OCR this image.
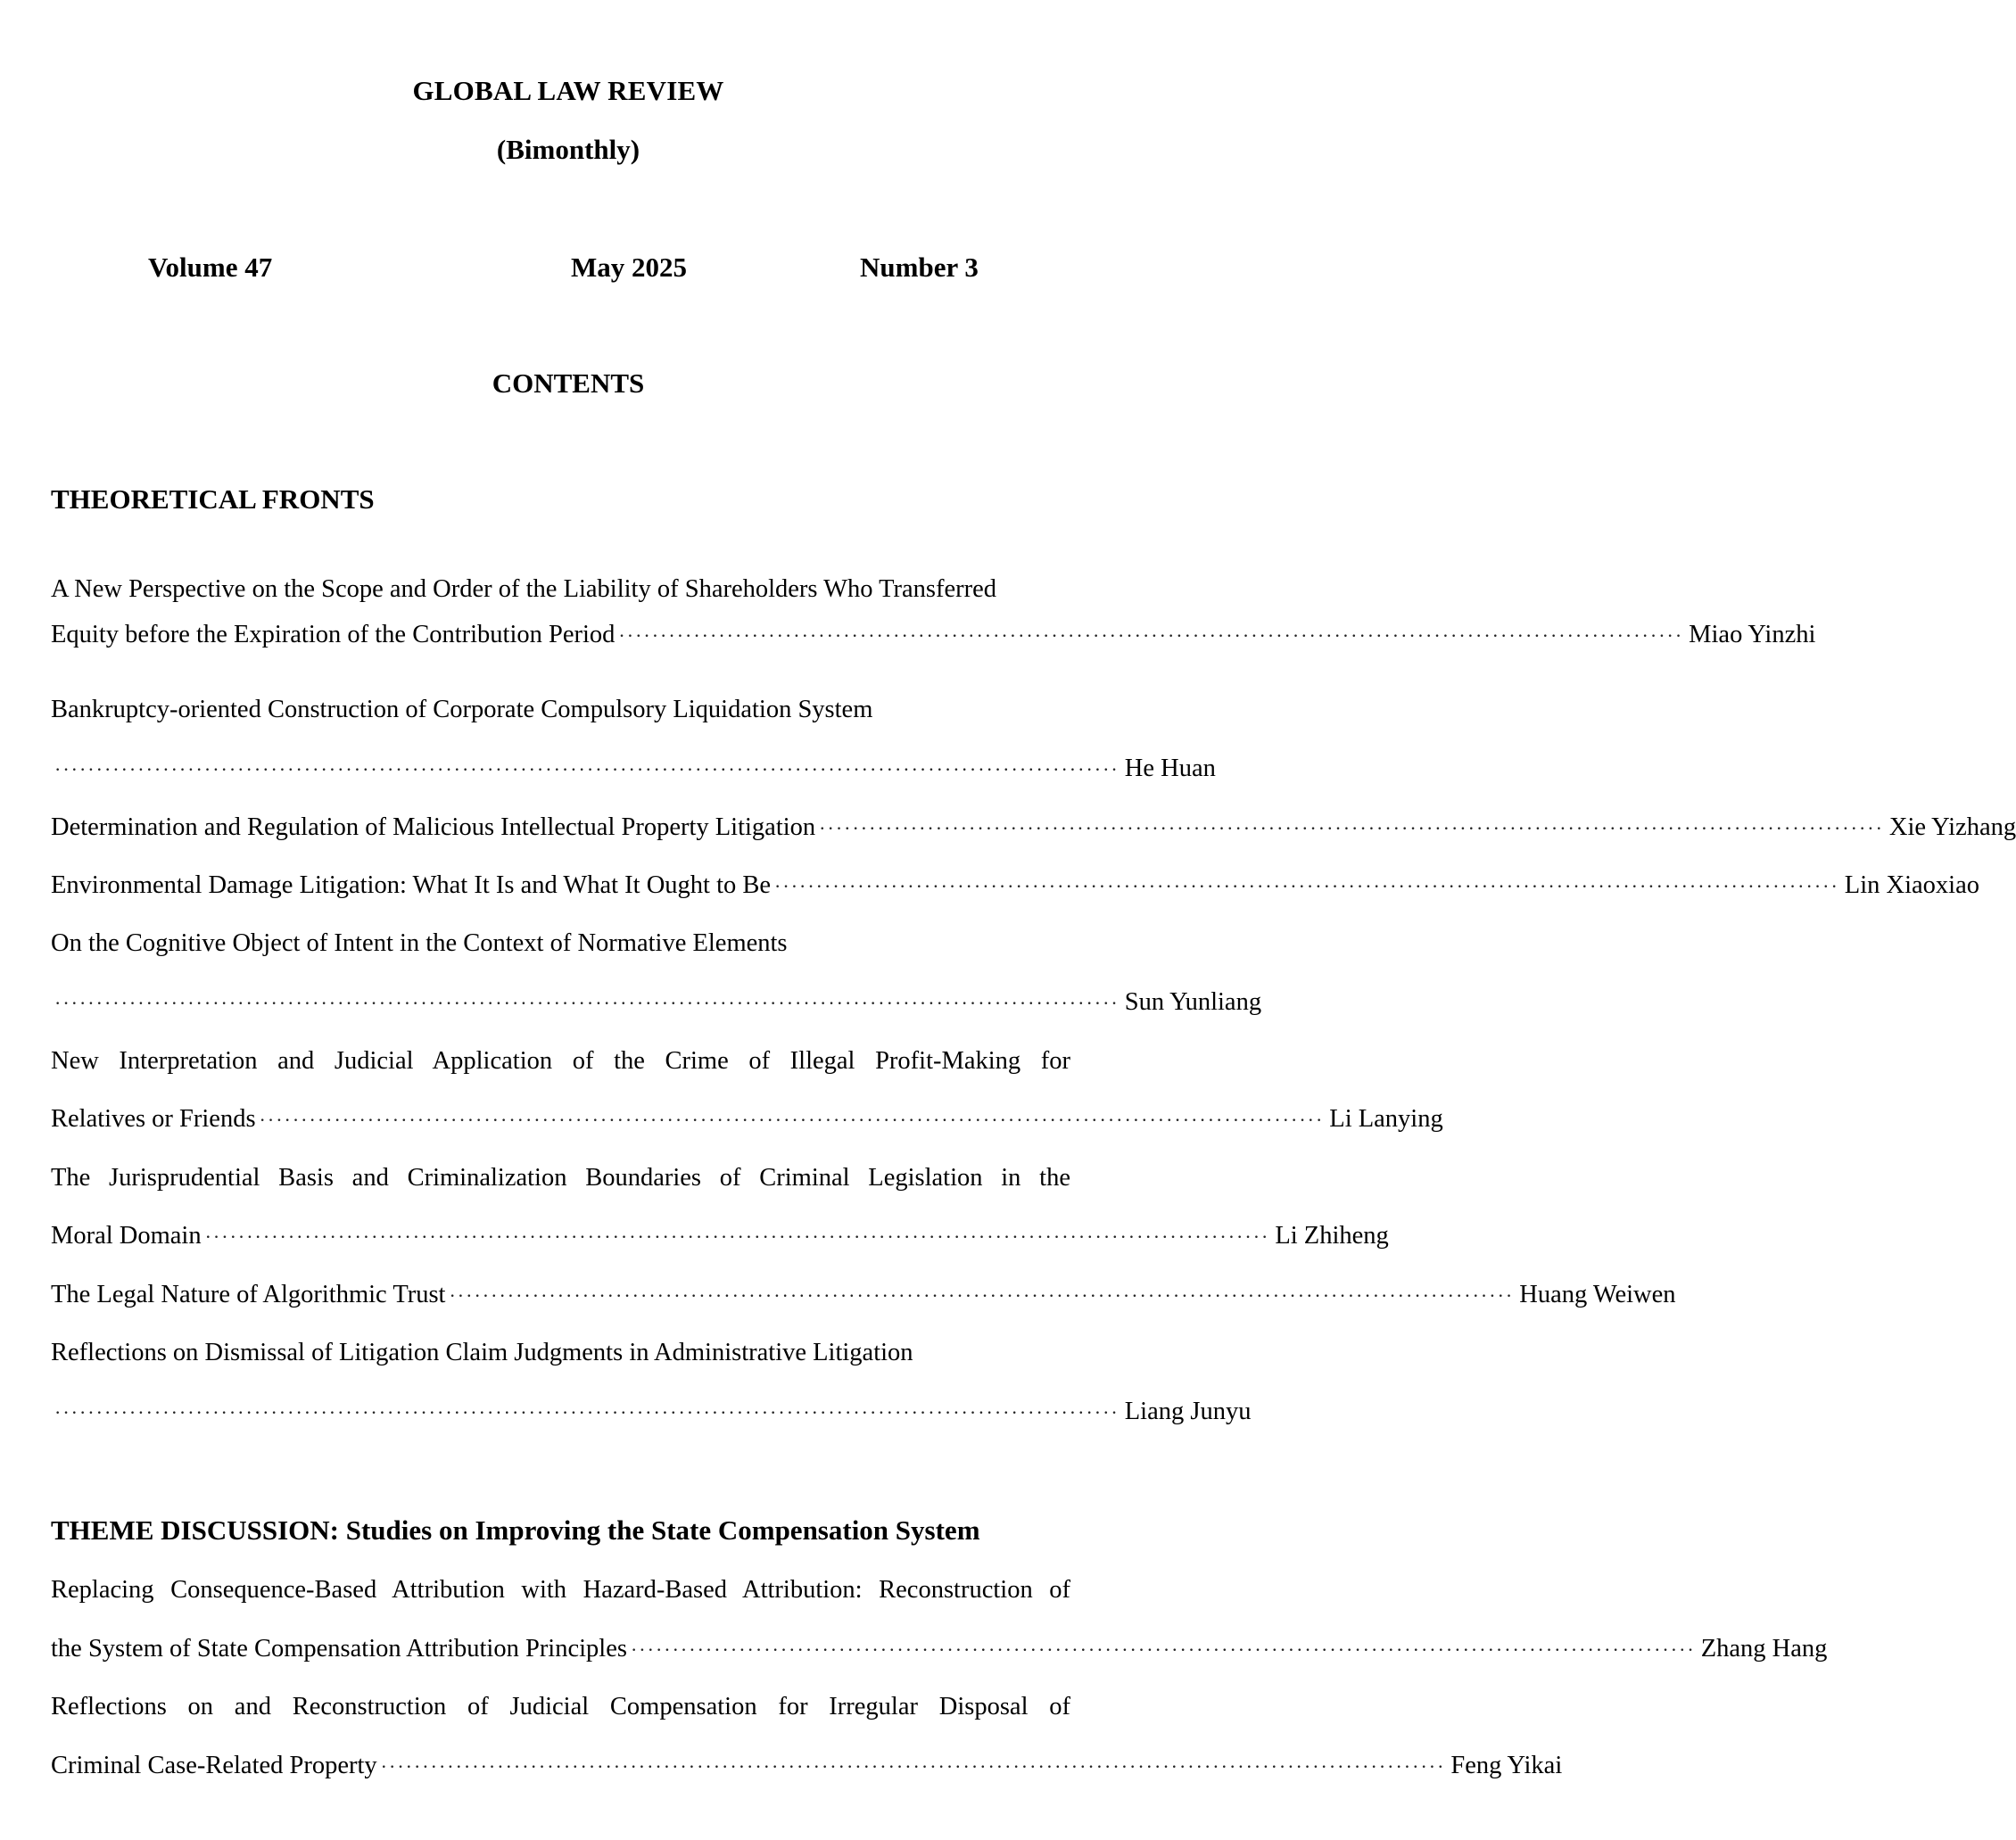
GLOBAL LAW REVIEW
(Bimonthly)
Volume 47	May 2025	Number 3
CONTENTS
THEORETICAL FRONTS
A New Perspective on the Scope and Order of the Liability of Shareholders Who Transferred
Equity before the Expiration of the Contribution Period ································································································································ Miao Yinzhi
Bankruptcy-oriented Construction of Corporate Compulsory Liquidation System
································································································································ He Huan
Determination and Regulation of Malicious Intellectual Property Litigation ································································································································ Xie Yizhang
Environmental Damage Litigation: What It Is and What It Ought to Be ································································································································ Lin Xiaoxiao
On the Cognitive Object of Intent in the Context of Normative Elements
································································································································ Sun Yunliang
New Interpretation and Judicial Application of the Crime of Illegal Profit-Making for
Relatives or Friends ································································································································ Li Lanying
The Jurisprudential Basis and Criminalization Boundaries of Criminal Legislation in the
Moral Domain ································································································································ Li Zhiheng
The Legal Nature of Algorithmic Trust ································································································································ Huang Weiwen
Reflections on Dismissal of Litigation Claim Judgments in Administrative Litigation
································································································································ Liang Junyu
THEME DISCUSSION: Studies on Improving the State Compensation System
Replacing Consequence-Based Attribution with Hazard-Based Attribution: Reconstruction of
the System of State Compensation Attribution Principles ································································································································ Zhang Hang
Reflections on and Reconstruction of Judicial Compensation for Irregular Disposal of
Criminal Case-Related Property ································································································································ Feng Yikai
